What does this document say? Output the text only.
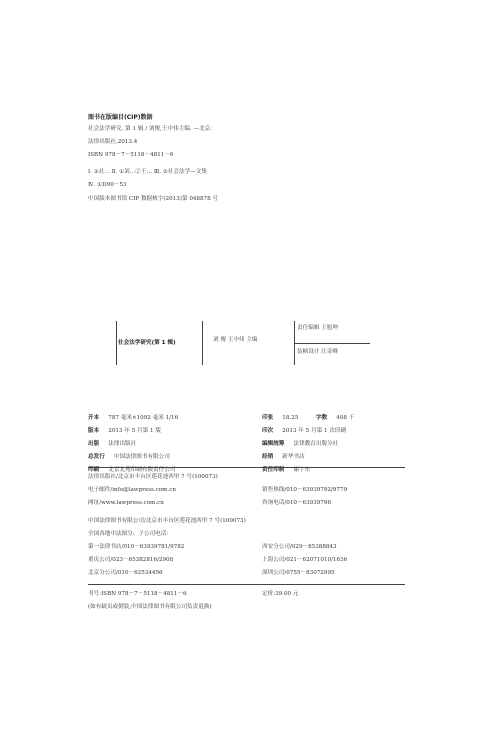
图书在版编目(CIP)数据
社会法学研究. 第 1 辑 / 刘俊,王中伟主编. —北京:
法律出版社,2013.4
ISBN 978－7－5118－4811－6
Ⅰ. ①社… Ⅱ. ①刘…②王… Ⅲ. ①社会法学—文集
Ⅳ. ①D90－53
中国版本图书馆 CIP 数据核字(2013)第 048878 号
社会法学研究(第 1 辑)	刘 俊 王中伟 主编
责任编辑 王旭坤
装帧设计 汪奇峰
开本 787 毫米×1092 毫米 1/16	印张 18.25	字数 408 千
版本 2013 年 5 月第 1 版	印次 2013 年 5 月第 1 次印刷
出版 法律出版社	编辑统筹 法律教育出版分社
总发行 中国法律图书有限公司	经销 新华书店
印刷 北京北苑印刷有限责任公司	责任印制 谢宇东
法律出版社/北京市丰台区莲花池西里 7 号(100073)
电子邮件/info@lawpress.com.cn	销售热线/010－63939792/9779
网址/www.lawpress.com.cn	咨询电话/010－63939796
中国法律图书有限公司/北京市丰台区莲花池西里 7 号(100073)
全国各地中法图分、子公司电话:
第一法律书店/010－63939781/9782	西安分公司/029－85388843
重庆公司/023－65382816/2908	上海公司/021－62071010/1636
北京分公司/010－62534456	深圳公司/0755－83072995
书号:ISBN 978－7－5118－4811－6	定价:39.00 元
(如有缺页或倒装,中国法律图书有限公司负责退换)
